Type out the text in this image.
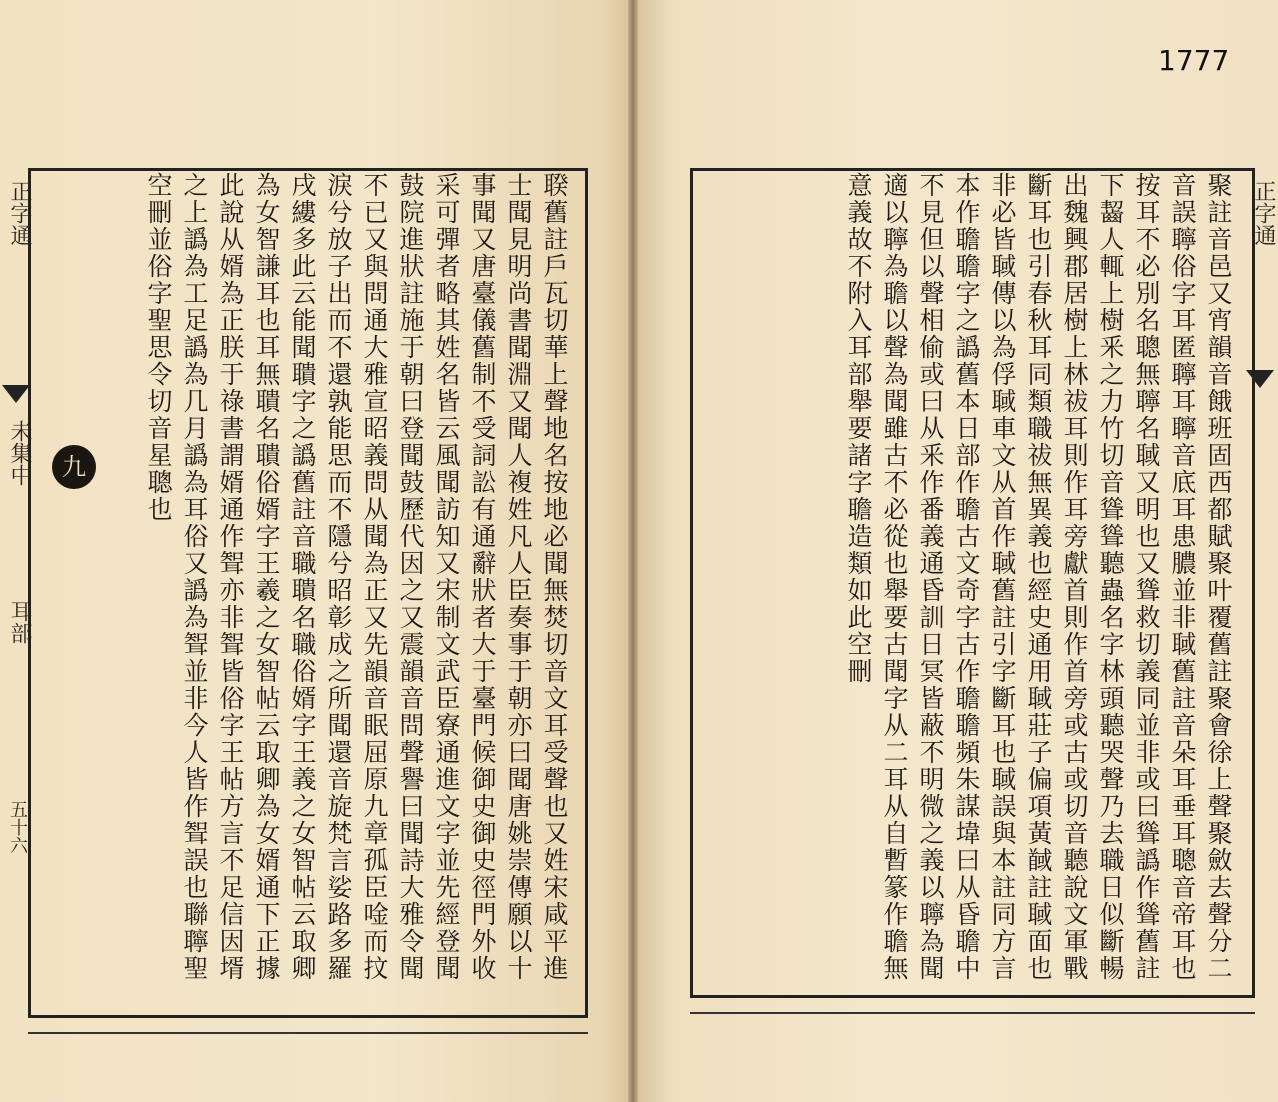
正字通
未集中
耳部
五十六	聧舊註戶瓦切華上聲地名按地必聞無焚切音文耳受聲也又姓宋咸平進士聞見明尚書聞淵又聞人複姓凡人臣奏事于朝亦曰聞唐姚崇傳願以十事聞又唐臺儀舊制不受詞訟有通辭狀者大于臺門候御史御史徑門外收采可彈者略其姓名皆云風聞訪知又宋制文武臣寮通進文字並先經登聞鼓院進狀註施于朝曰登聞鼓歷代因之又震韻音問聲譽曰聞詩大雅令聞不已又與問通大雅宣昭義問从聞為正又先韻音眠屈原九章孤臣唫而抆淚兮放子出而不還孰能思而不隱兮昭彰成之所聞還音旋梵言娑路多羅戌縷多此云能聞聵字之譌舊註音職聵名職俗婿字王義之女智帖云取卿為女智謙耳也耳無聵名聵俗婿字王羲之女智帖云取卿為女婿通下正據此說从婿為正朕于祿書謂婿通作聟亦非聟皆俗字王帖方言不足信因壻之上譌為工足譌為几月譌為耳俗又譌為聟並非今人皆作聟誤也聯聹聖空刪並俗字聖思令切音星聰也
九	聚註音邑又宵韻音餓班固西都賦聚叶覆舊註聚會徐上聲聚斂去聲分二音誤聹俗字耳匿聹耳聹音底耳患膿並非聝舊註音朵耳垂耳聰音帝耳也按耳不必別名聰無聹名聝又明也又聳救切義同並非或曰聳譌作聳舊註下齧人輒上樹釆之力竹切音聳聳聽蟲名字林頭聽哭聲乃去職日似斷暢出魏興郡居樹上林祓耳則作耳旁獻首則作首旁或古或切音聽說文軍戰斷耳也引春秋耳同類職祓無異義也經史通用聝莊子偏項黃馘註聝面也非必皆聝傳以為俘聝車文从首作聝舊註引字斷耳也聝誤與本註同方言本作聸聸字之譌舊本日部作聸古文奇字古作聸聸頻朱謀㙔曰从昏聸中不見但以聲相偷或曰从釆作番義通昏訓日冥皆蔽不明微之義以聹為聞適以聹為聸以聲為聞雖古不必從也舉要古聞字从二耳从自暫篆作聸無意義故不附入耳部舉要諸字聸造類如此空刪	正字通
1777
